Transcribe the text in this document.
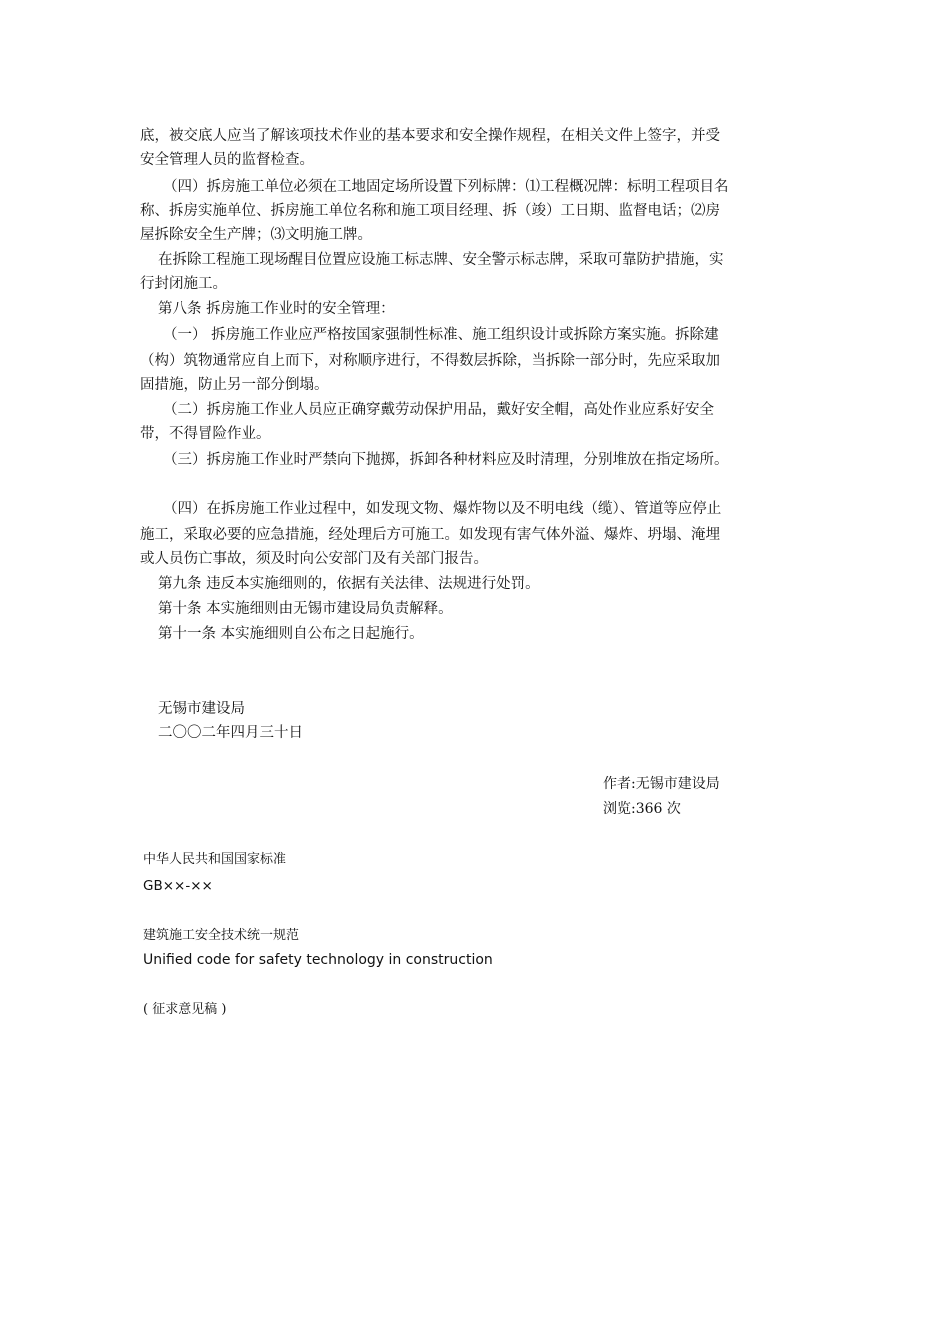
底，被交底人应当了解该项技术作业的基本要求和安全操作规程，在相关文件上签字，并受
安全管理人员的监督检查。
（四）拆房施工单位必须在工地固定场所设置下列标牌：⑴工程概况牌：标明工程项目名
称、拆房实施单位、拆房施工单位名称和施工项目经理、拆（竣）工日期、监督电话；⑵房
屋拆除安全生产牌；⑶文明施工牌。
在拆除工程施工现场醒目位置应设施工标志牌、安全警示标志牌，采取可靠防护措施，实
行封闭施工。
第八条 拆房施工作业时的安全管理：
（一） 拆房施工作业应严格按国家强制性标准、施工组织设计或拆除方案实施。拆除建
（构）筑物通常应自上而下，对称顺序进行，不得数层拆除，当拆除一部分时，先应采取加
固措施，防止另一部分倒塌。
（二）拆房施工作业人员应正确穿戴劳动保护用品，戴好安全帽，高处作业应系好安全
带，不得冒险作业。
（三）拆房施工作业时严禁向下抛掷，拆卸各种材料应及时清理，分别堆放在指定场所。
（四）在拆房施工作业过程中，如发现文物、爆炸物以及不明电线（缆）、管道等应停止
施工，采取必要的应急措施，经处理后方可施工。如发现有害气体外溢、爆炸、坍塌、淹埋
或人员伤亡事故，须及时向公安部门及有关部门报告。
第九条 违反本实施细则的，依据有关法律、法规进行处罚。
第十条 本实施细则由无锡市建设局负责解释。
第十一条 本实施细则自公布之日起施行。
无锡市建设局
二〇〇二年四月三十日
作者:无锡市建设局
浏览:366 次
中华人民共和国国家标准
GB××-××
建筑施工安全技术统一规范
Unified code for safety technology in construction
( 征求意见稿 )
